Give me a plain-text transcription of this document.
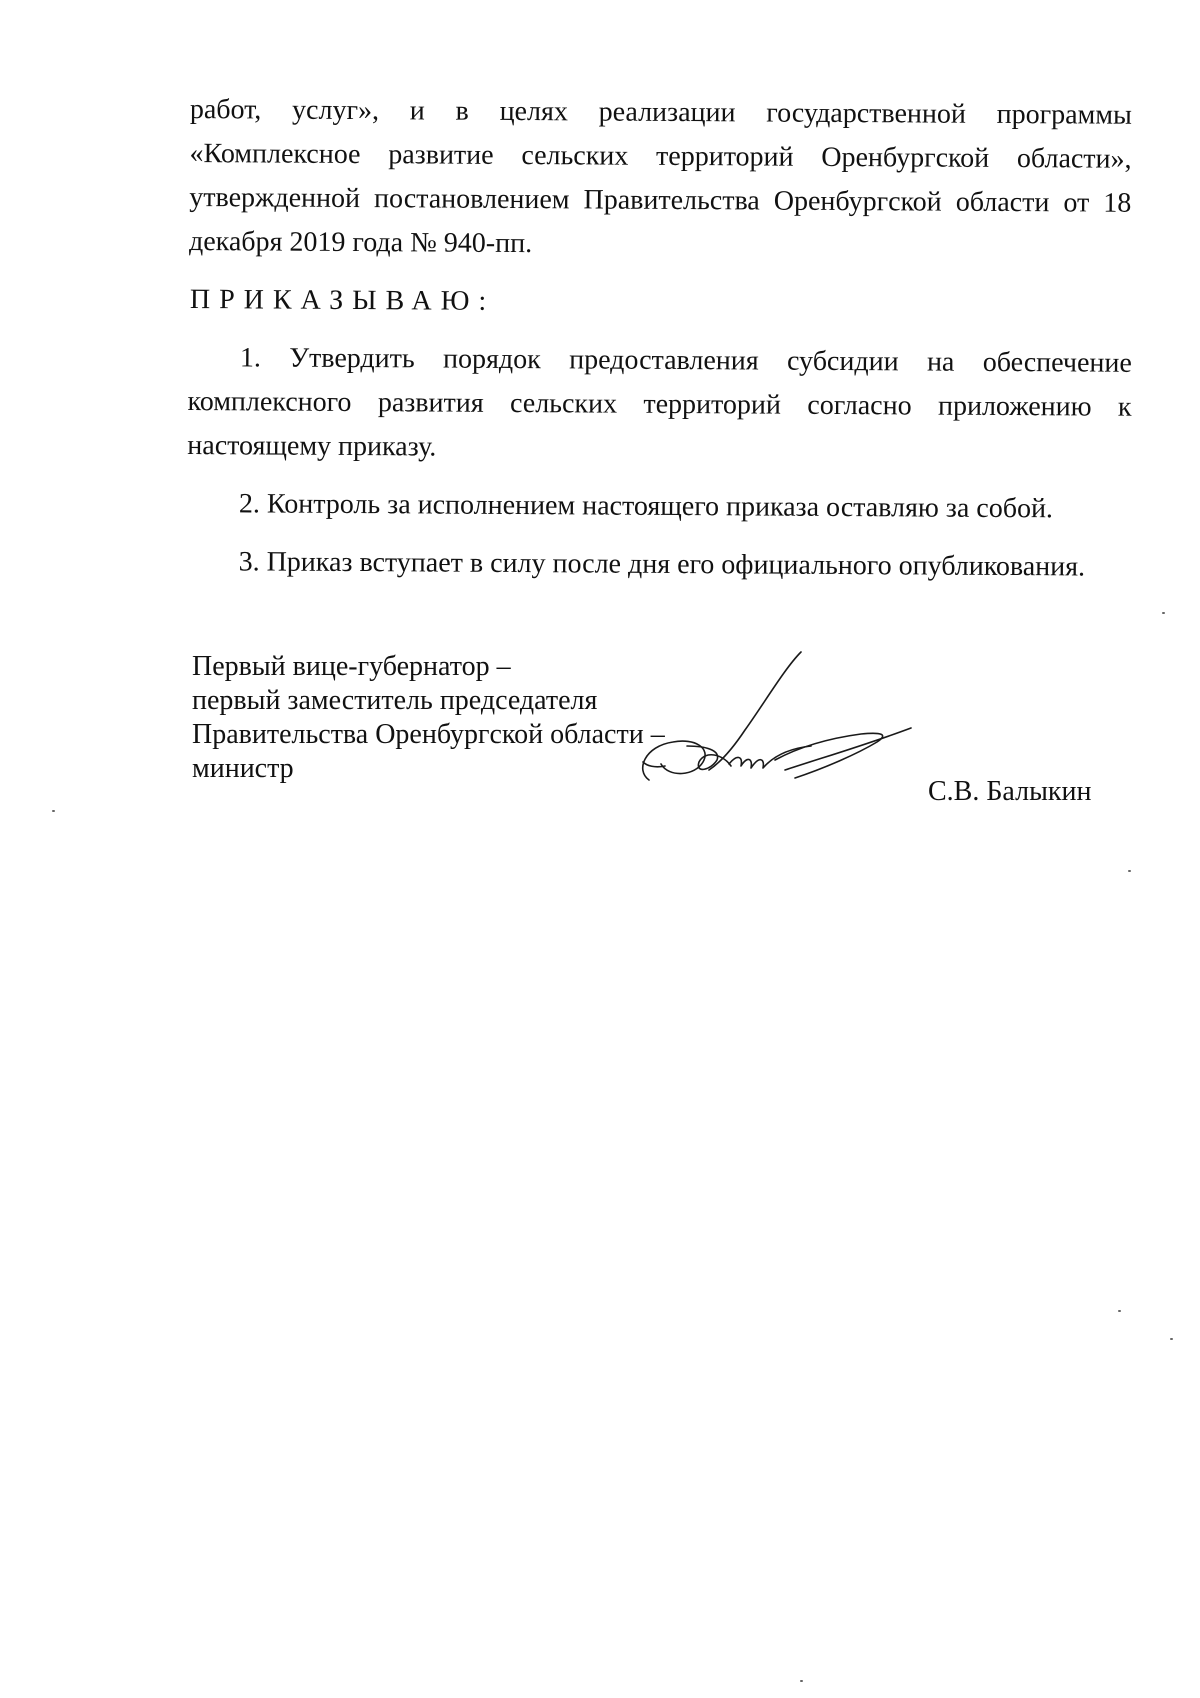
работ, услуг», и в целях реализации государственной программы «Комплексное развитие сельских территорий Оренбургской области», утвержденной постановлением Правительства Оренбургской области от 18 декабря 2019 года № 940-пп.

ПРИКАЗЫВАЮ:

1. Утвердить порядок предоставления субсидии на обеспечение комплексного развития сельских территорий согласно приложению к настоящему приказу.

2. Контроль за исполнением настоящего приказа оставляю за собой.

3. Приказ вступает в силу после дня его официального опубликования.

Первый вице-губернатор –

первый заместитель председателя

Правительства Оренбургской области –

министр

С.В. Балыкин
